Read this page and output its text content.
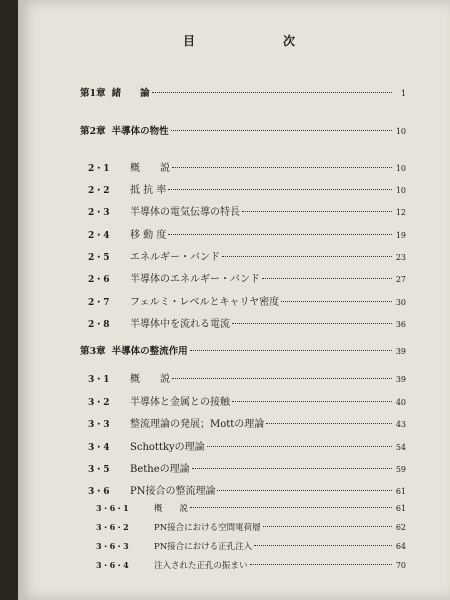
目　次
第1章 緒　　論	1
第2章 半導体の物性	10
2・1	概　　説	10
2・2	抵 抗 率	10
2・3	半導体の電気伝導の特長	12
2・4	移 動 度	19
2・5	エネルギー・バンド	23
2・6	半導体のエネルギー・バンド	27
2・7	フェルミ・レベルとキャリヤ密度	30
2・8	半導体中を流れる電流	36
第3章 半導体の整流作用	39
3・1	概　　説	39
3・2	半導体と金属との接触	40
3・3	整流理論の発展；Mottの理論	43
3・4	Schottkyの理論	54
3・5	Betheの理論	59
3・6	PN接合の整流理論	61
3・6・1	概　　説	61
3・6・2	PN接合における空間電荷層	62
3・6・3	PN接合における正孔注入	64
3・6・4	注入された正孔の振まい	70
